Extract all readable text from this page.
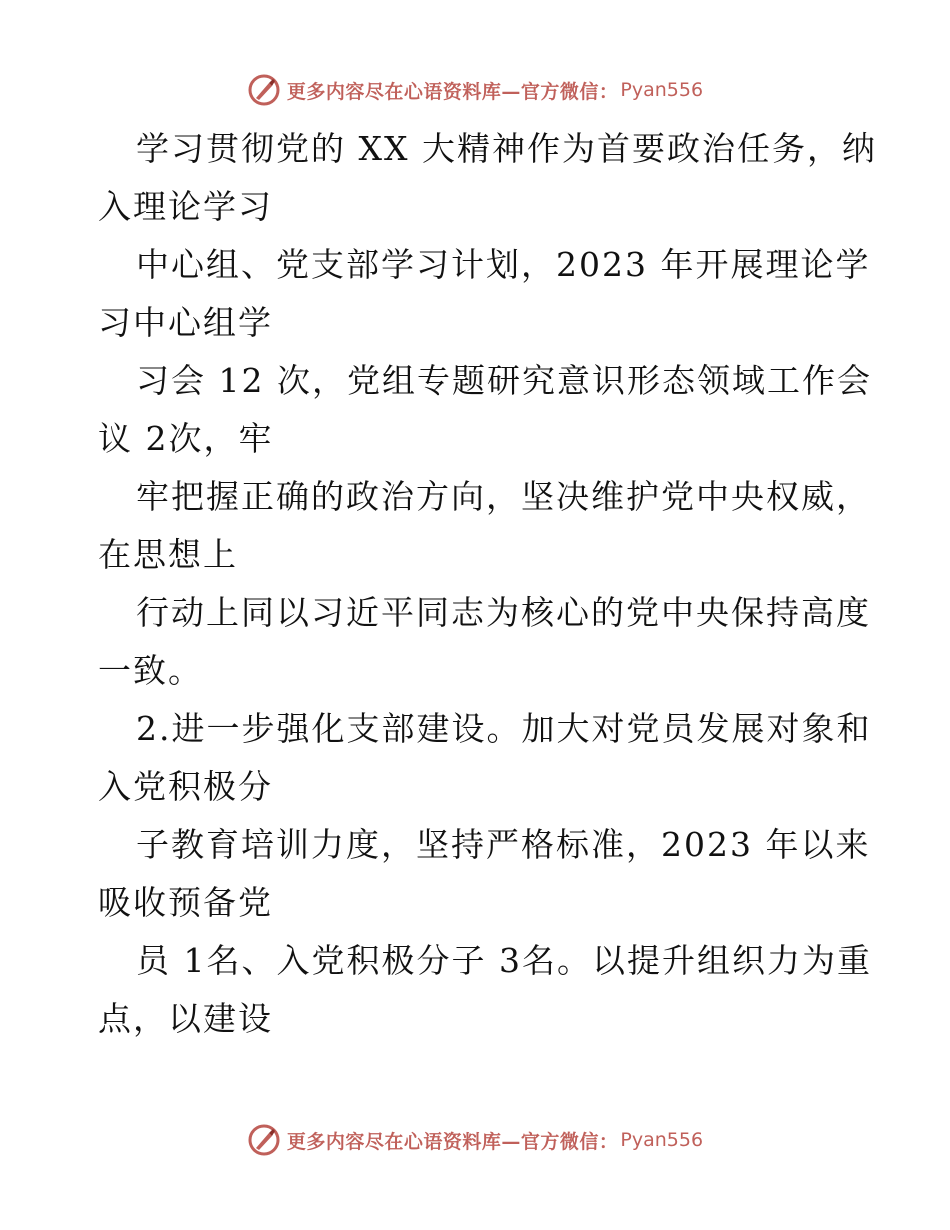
更多内容尽在心语资料库—官方微信： Pyan556
学习贯彻党的 XX 大精神作为首要政治任务，纳
入理论学习
中心组、党支部学习计划，2023 年开展理论学
习中心组学
习会 12 次，党组专题研究意识形态领域工作会
议 2次，牢
牢把握正确的政治方向，坚决维护党中央权威，
在思想上
行动上同以习近平同志为核心的党中央保持高度
一致。
2.进一步强化支部建设。加大对党员发展对象和
入党积极分
子教育培训力度，坚持严格标准，2023 年以来
吸收预备党
员 1名、入党积极分子 3名。以提升组织力为重
点，以建设
更多内容尽在心语资料库—官方微信： Pyan556
